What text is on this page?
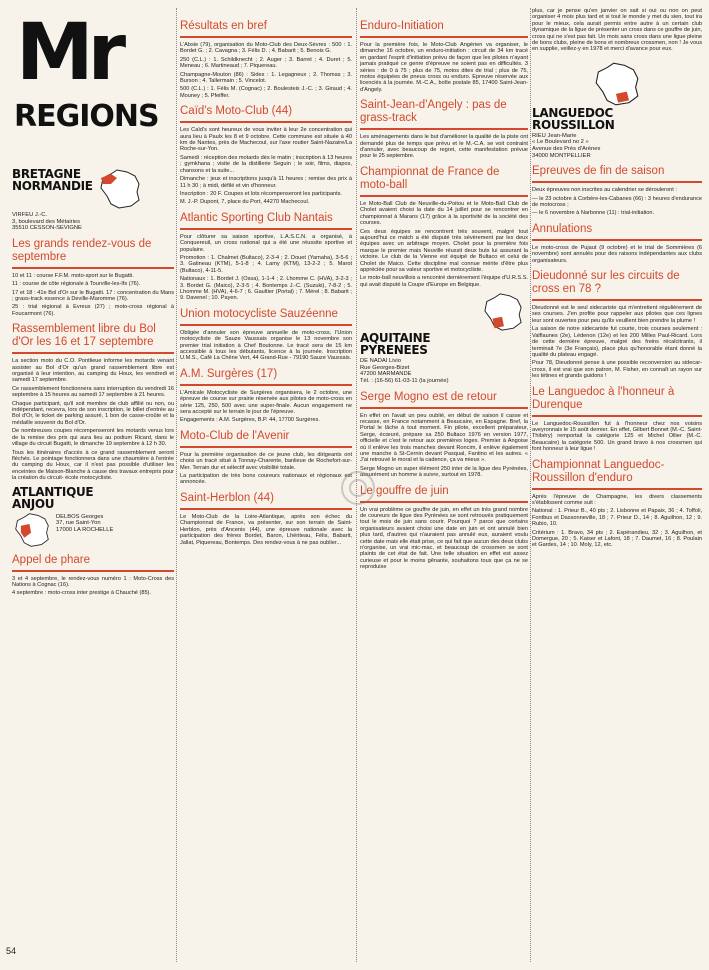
Mr
REGIONS
BRETAGNE
NORMANDIE
VIRFEU J.-C.
3, boulevard des Métairies
35510 CESSON-SEVIGNE
Les grands rendez-vous de septembre

10 et 11 : course F.F.M. moto-sport sur le Bugatti.

11 : course de côte régionale à Tourville-les-Ifs (76).

17 et 18 : 41e Bol d'Or sur le Bugatti. 17 : concentration du Mans ; grass-track essence à Deville-Maromme (76).

25 : trial régional à Evreux (27) ; moto-cross régional à Foucarmont (76).

Rassemblement libre du Bol d'Or les 16 et 17 septembre

La section moto du C.O. Pontlieue informe les motards venant assister au Bol d'Or qu'un grand rassemblement libre est organisé à leur intention, au camping du Houx, les vendredi et samedi 17 septembre.

Ce rassemblement fonctionnera sans interruption du vendredi 16 septembre à 15 heures au samedi 17 septembre à 21 heures.

Chaque participant, qu'il soit membre de club affilié ou non, ou indépendant, recevra, lors de son inscription, le billet d'entrée au Bol d'Or, le ticket de parking assuré, 1 bon de casse-croûte et la médaille souvenir du Bol d'Or.

De nombreuses coupes récompenseront les motards venus lors de la remise des prix qui aura lieu au podium Ricard, dans le village du circuit Bugatti, le dimanche 19 septembre à 12 h 30.

Tous les itinéraires d'accès à ce grand rassemblement seront fléchés. Le pointage fonctionnera dans une chaumière à l'entrée du camping du Houx, car il n'est pas possible d'utiliser les enceintes de Maison-Blanche à cause des travaux entrepris pour la création du circuit- école motocycliste.

ATLANTIQUE
ANJOU
DELBOS Georges
37, rue Saint-Yon
17000 LA ROCHELLE
Appel de phare

3 et 4 septembre, le rendez-vous numéro 1 : Moto-Cross des Nations à Cognac (16).

4 septembre : moto-cross inter prestige à Chauché (85).

54
Résultats en bref

L'Absie (79), organisation du Moto-Club des Deux-Sèvres : 500 : 1. Bordet G. ; 2. Cavagna ; 3. Félis D. ; 4. Babarit ; 5. Benois G.

250 (C.L.) : 1. Schildknecht ; 2. Auger ; 3. Barret ; 4. Duret ; 5. Meneau ; 6. Martineaud ; 7. Piquereau.

Champagne-Mouton (86) : Sides : 1. Legagneux ; 2. Thomas ; 3. Burson ; 4. Tallermain ; 5. Vincelot.

500 (C.L.) : 1. Félis M. (Cognac) ; 2. Boulesteix J.-C. ; 3. Giraud ; 4. Mouney ; 5. Pfeiffer.

Caïd's Moto-Club (44)

Les Caïd's sont heureux de vous inviter à leur 2e concentration qui aura lieu à Paulx les 8 et 9 octobre. Cette commune est située à 40 km de Nantes, près de Machecoul, sur l'axe routier Saint-Nazaire/La Roche-sur-Yon.

Samedi : réception des motards dès le matin ; inscription à 13 heures ; gymkhana ; visite de la distillerie Seguin ; le soir, films, diapos, chansons et la suite...

Dimanche : jeux et inscriptions jusqu'à 11 heures ; remise des prix à 11 h 30 ; à midi, défilé et vin d'honneur.

Inscription : 20 F. Coupes et lots récompenseront les participants.

M. J.-P. Dupont, 7, place du Port, 44270 Machecoul.

Atlantic Sporting Club Nantais

Pour clôturer sa saison sportive, L.A.S.C.N. a organisé, à Conquereuil, un cross national qui a été une réussite sportive et populaire.

Promotion : 1. Chalmet (Bultaco), 2-3-4 ; 2. Douet (Yamaha), 3-5-6 ; 3. Gatineau (KTM), 5-1-8 ; 4. Lamy (KTM), 13-2-2 ; 5. Marot (Bultaco), 4-11-5.

Nationaux : 1. Bordet J. (Ossa), 1-1-4 ; 2. Lhomme C. (HVA), 3-2-3 ; 3. Bordet G. (Maico), 2-3-5 ; 4. Bontemps J.-C. (Suzuki), 7-8-2 ; 5. Lhomme M. (HVA), 4-6-7 ; 6. Gaultier (Portal) ; 7. Mérel ; 8. Babarit ; 9. Davenel ; 10. Payen.

Union motocycliste Sauzéenne

Obligée d'annuler son épreuve annuelle de moto-cross, l'Union motocycliste de Sauze Vaussais organise le 13 novembre son premier trial initiation à Chef Boutonne. Le tracé sera de 15 km accessible à tous les débutants, licence à la journée. Inscription U.M.S., Café La Chêne Vert, 44 Grand-Rue - 79190 Sauze Vaussais.

A.M. Surgères (17)

L'Amicale Motocycliste de Surgères organisera, le 2 octobre, une épreuve de course sur prairie réservée aux pilotes de moto-cross en série 125, 250, 500 avec une super-finale. Aucun engagement ne sera accepté sur le terrain le jour de l'épreuve.

Engagements : A.M. Surgères, B.P. 44, 17700 Surgères.

Moto-Club de l'Avenir

Pour la première organisation de ce jeune club, les dirigeants ont choisi un tracé situé à Tonnay-Charente, banlieue de Rochefort-sur-Mer. Terrain dur et sélectif avec visibilité totale.

La participation de très bons coureurs nationaux et régionaux est annoncée.

Saint-Herblon (44)

Le Moto-Club de la Loire-Atlantique, après son échec du Championnat de France, va présenter, sur son terrain de Saint-Herblon, près d'Ancenis (44), une épreuve nationale avec la participation des frères Bordet, Baron, Lhériteau, Félis, Babarit, Jallat, Piquereau, Bontemps. Des rendez-vous à ne pas oublier...

Enduro-Initiation

Pour la première fois, le Moto-Club Angérien va organiser, le dimanche 16 octobre, un enduro-initiation : circuit de 34 km tracé en gardant l'esprit d'initiation prévu de façon que les pilotes n'ayant jamais pratiqué ce genre d'épreuve ne soient pas en difficultés. 3 séries : de 0 à 75 ; plus de 75, motos dites de trial ; plus de 75, motos équipées de pneus cross ou enduro. Epreuve réservée aux licenciés à la journée. M.-C.A., boîte postale 85, 17400 Saint-Jean-d'Angely.

Saint-Jean-d'Angely : pas de grass-track

Les aménagements dans le but d'améliorer la qualité de la piste ont demandé plus de temps que prévu et le M.-C.A. se voit contraint d'annuler, avec beaucoup de regret, cette manifestation prévue pour le 25 septembre.

Championnat de France de moto-ball

Le Moto-Ball Club de Neuville-du-Poitou et le Moto-Ball Club de Cholet avaient choisi la date du 14 juillet pour se rencontrer en championnat à Marans (17) grâce à la sportivité de la société des courses.

Ces deux équipes se rencontrent très souvent, malgré tout aujourd'hui ce match a été disputé très sévèrement par les deux équipes avec un arbitrage moyen. Cholet pour la première fois marque le premier mais Neuville réussit deux buts lui assurant la victoire. Le club de la Vienne est équipé de Bultaco et celui de Cholet de Maico. Cette discipline mal connue mérite d'être plus appréciée pour sa valeur sportive et motocycliste.

Le moto-ball neuvillois a rencontré dernièrement l'équipe d'U.R.S.S. qui avait disputé la Coupe d'Europe en Belgique.

AQUITAINE
PYRENEES
DE NADAI Livio
Rue Georges-Bizet
47200 MARMANDE
Tél. : (16-56) 61-03-11 (la journée)
Serge Mogno est de retour

En effet on l'avait un peu oublié, en début de saison il casse et recasse, en France notamment à Beaucaire, en Espagne. Bref, la Portal le lâche à tout moment. Fin pilote, excellent préparateur, Serge, écœuré, prépare sa 250 Bultaco 1976 en version 1977, officielle et c'est le retour aux premières loges. Premier à Angoise où il enlève les trois manches devant Roncim, il enlève également une manche à St-Cernin devant Pasqual, Fantino et les autres. « J'ai retrouvé le moral et la cadence, ça va mieux ».

Serge Mogno un super élément 250 inter de la ligue des Pyrénées, assurément un homme à suivre, surtout en 1978.

Le gouffre de juin

Un vrai problème ce gouffre de juin, en effet un très grand nombre de coureurs de ligue des Pyrénées se sont retrouvés pratiquement tout le mois de juin sans courir. Pourquoi ? parce que certains organisateurs avaient choisi une date en juin et ont annulé bien plus tard, d'autres qui n'auraient pas annulé eux, auraient voulu cette date mais elle était prise, ce qui fait que aucun des deux clubs n'organise, un vrai mic-mac, et beaucoup de crossmen se sont plaints de cet état de fait. Une telle situation en effet est assez curieuse et pour le moins gênante, souhaitons tous que ça ne se reproduise

plus, car je pense qu'en janvier on sait si oui ou non on peut organiser 4 mois plus tard et si tout le monde y met du sien, tout ira pour le mieux, cela aurait permis entre autre à un certain club dynamique de la ligue de présenter un cross dans ce gouffre de juin, cross qui ne s'est pas fait. Un mois sans cross dans une ligue pleine de bons clubs, pleine de bons et nombreux crossmen, non ! Je vous en supplie, veillez-y en 1978 et merci d'avance pour eux.

LANGUEDOC
ROUSSILLON
RIEU Jean-Marie
« Le Boulevard no 2 »
Avenue des Près d'Arènes
34000 MONTPELLIER
Epreuves de fin de saison

Deux épreuves non inscrites au calendrier se dérouleront :

— le 23 octobre à Corbère-les-Cabanes (66) : 3 heures d'endurance de motocross ;

— le 6 novembre à Narbonne (11) : trial-initiation.

Annulations

Le moto-cross de Pujaut (9 octobre) et le trial de Sommières (6 novembre) sont annulés pour des raisons indépendantes aux clubs organisateurs.

Dieudonné sur les circuits de cross en 78 ?

Dieudonné est le seul sidecariste qui m'entretient régulièrement de ses courses. J'en profite pour rappeler aux pilotes que ces lignes leur sont ouvertes pour peu qu'ils veuillent bien prendre la plume !

La saison de notre sidecariste fut courte, trois courses seulement : Valflaunes (2e), Lédenon (12e) et les 200 Milles Paul-Ricard. Lors de cette dernière épreuve, malgré des freins récalcitrants, il terminait 7e (3e Français), place plus qu'honorable étant donné la qualité du plateau engagé.

Pour 78, Dieudonné pense à une possible reconversion au sidecar-cross, il est vrai que son patron, M. Fisher, en connaît un rayon sur les tétines et grands guidons !

Le Languedoc à l'honneur à Durenque

Le Languedoc-Roussillon fut à l'honneur chez nos voisins aveyronnais le 15 août dernier. En effet, Gilbert Bonnet (M.-C. Saint-Thibéry) remportait la catégorie 125 et Michel Ollier (M.-C. Beaucaire) la catégorie 500. Un grand bravo à nos crossmen qui font honneur à leur ligue !

Championnat Languedoc-Roussillon d'enduro

Après l'épreuve de Champagne, les divers classements s'établissent comme suit :

National : 1. Prieur B., 40 pts ; 2. Lisbonne et Papaix, 36 ; 4. Toffoli, Fontbus et Dassonneville, 18 ; 7. Prieur D., 14 ; 8. Aguilhon, 12 ; 9. Rubio, 10.

Critérium : 1. Bravo, 34 pts ; 2. Espérandieu, 32 ; 3. Aguilhon, et Domergue, 20 ; 5. Kaiser et Lafont, 18 ; 7. Daumet, 16 ; 8. Poulain et Gardes, 14 ; 10. Moly, 12, etc.
